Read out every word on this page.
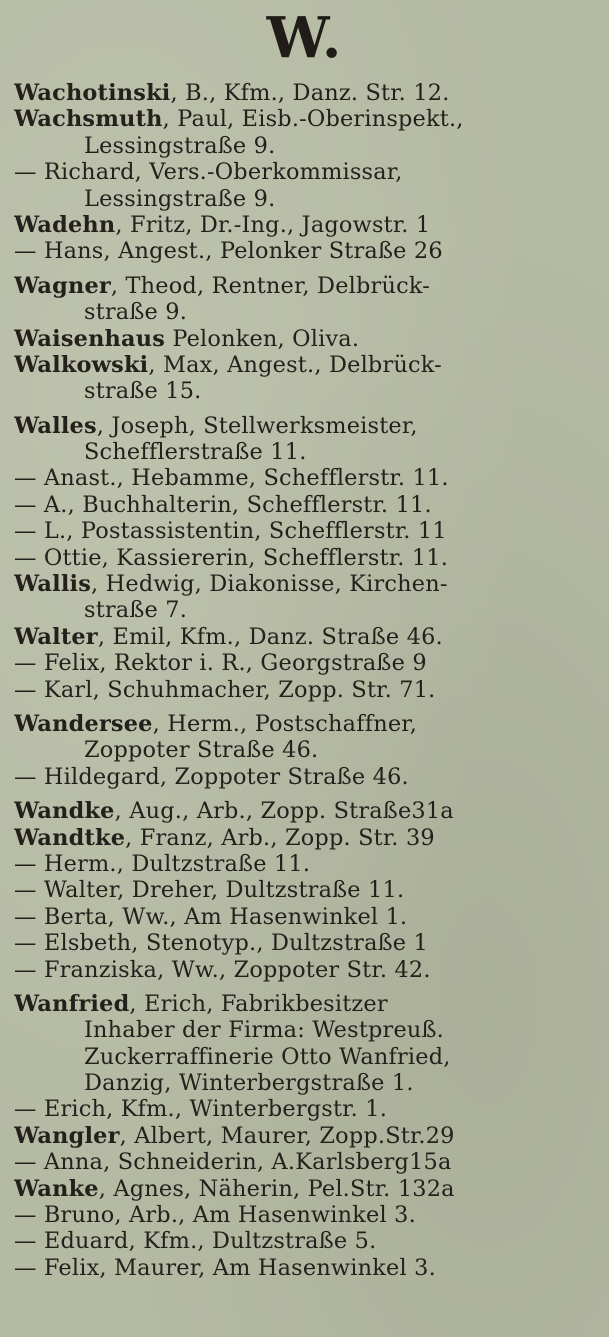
W.
Wachotinski, B., Kfm., Danz. Str. 12.
Wachsmuth, Paul, Eisb.-Oberinspekt.,
Lessingstraße 9.
— Richard, Vers.-Oberkommissar,
Lessingstraße 9.
Wadehn, Fritz, Dr.-Ing., Jagowstr. 1
— Hans, Angest., Pelonker Straße 26
Wagner, Theod, Rentner, Delbrück-
straße 9.
Waisenhaus Pelonken, Oliva.
Walkowski, Max, Angest., Delbrück-
straße 15.
Walles, Joseph, Stellwerksmeister,
Schefflerstraße 11.
— Anast., Hebamme, Schefflerstr. 11.
— A., Buchhalterin, Schefflerstr. 11.
— L., Postassistentin, Schefflerstr. 11
— Ottie, Kassiererin, Schefflerstr. 11.
Wallis, Hedwig, Diakonisse, Kirchen-
straße 7.
Walter, Emil, Kfm., Danz. Straße 46.
— Felix, Rektor i. R., Georgstraße 9
— Karl, Schuhmacher, Zopp. Str. 71.
Wandersee, Herm., Postschaffner,
Zoppoter Straße 46.
— Hildegard, Zoppoter Straße 46.
Wandke, Aug., Arb., Zopp. Straße31a
Wandtke, Franz, Arb., Zopp. Str. 39
— Herm., Dultzstraße 11.
— Walter, Dreher, Dultzstraße 11.
— Berta, Ww., Am Hasenwinkel 1.
— Elsbeth, Stenotyp., Dultzstraße 1
— Franziska, Ww., Zoppoter Str. 42.
Wanfried, Erich, Fabrikbesitzer
Inhaber der Firma: Westpreuß.
Zuckerraffinerie Otto Wanfried,
Danzig, Winterbergstraße 1.
— Erich, Kfm., Winterbergstr. 1.
Wangler, Albert, Maurer, Zopp.Str.29
— Anna, Schneiderin, A.Karlsberg15a
Wanke, Agnes, Näherin, Pel.Str. 132a
— Bruno, Arb., Am Hasenwinkel 3.
— Eduard, Kfm., Dultzstraße 5.
— Felix, Maurer, Am Hasenwinkel 3.
